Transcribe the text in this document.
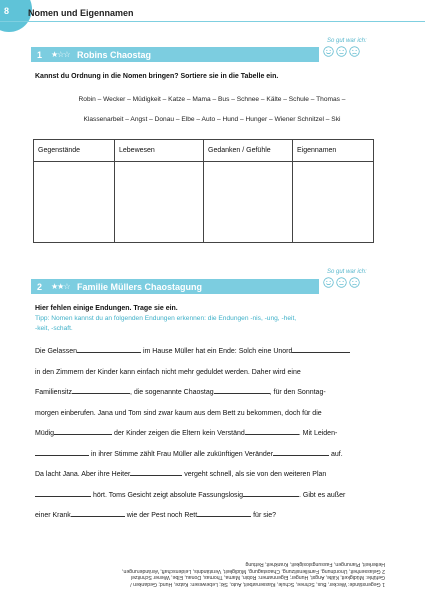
8 Nomen und Eigennamen
So gut war ich:
1	★☆☆ Robins Chaostag
Kannst du Ordnung in die Nomen bringen? Sortiere sie in die Tabelle ein.
Robin – Wecker – Müdigkeit – Katze – Mama – Bus – Schnee – Kälte – Schule – Thomas –
Klassenarbeit – Angst – Donau – Elbe – Auto – Hund – Hunger – Wiener Schnitzel – Ski
Gegenstände	Lebewesen	Gedanken / Gefühle	Eigennamen

So gut war ich:
2	★★☆ Familie Müllers Chaostagung
Hier fehlen einige Endungen. Trage sie ein.
Tipp: Nomen kannst du an folgenden Endungen erkennen: die Endungen -nis, -ung, -heit,
-keit, -schaft.
Die Gelassen	im Hause Müller hat ein Ende: Solch eine Unord
in den Zimmern der Kinder kann einfach nicht mehr geduldet werden. Daher wird eine
Familiensitz	, die sogenannte Chaostag	, für den Sonntag-
morgen einberufen. Jana und Tom sind zwar kaum aus dem Bett zu bekommen, doch für die
Müdig	der Kinder zeigen die Eltern kein Verständ	. Mit Leiden-
in ihrer Stimme zählt Frau Müller alle zukünftigen Veränder	auf.
Da lacht Jana. Aber ihre Heiter	vergeht schnell, als sie von den weiteren Plan
hört. Toms Gesicht zeigt absolute Fassungslosig	. Gibt es außer
einer Krank	wie der Pest noch Rett	für sie?
1 Gegenstände: Wecker, Bus, Schnee, Schule, Klassenarbeit, Auto, Ski; Lebewesen: Katze, Hund; Gedanken /
Gefühle: Müdigkeit, Kälte, Angst, Hunger; Eigennamen: Robin, Mama, Thomas, Donau, Elbe, Wiener Schnitzel
2 Gelassenheit, Unordnung, Familiensitzung, Chaostagung, Müdigkeit, Verständnis, Leidenschaft, Veränderungen,
Heiterkeit, Planungen, Fassungslosigkeit, Krankheit, Rettung
